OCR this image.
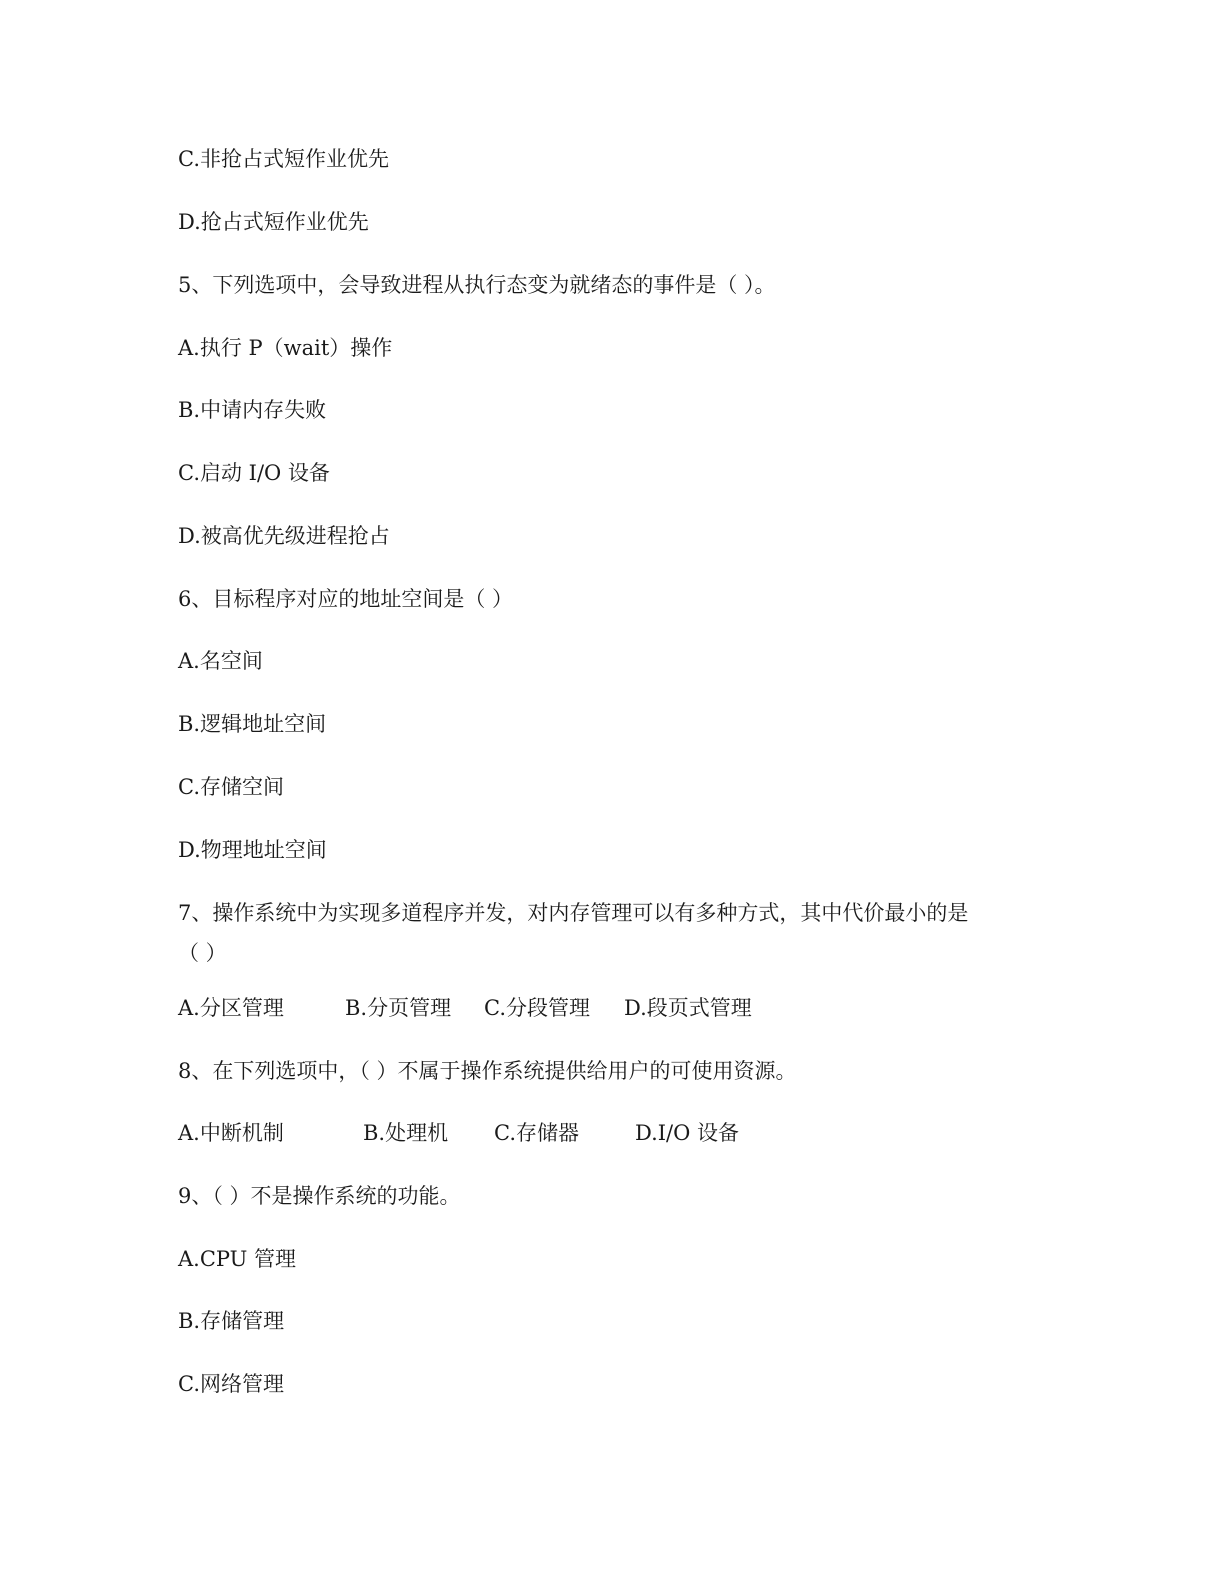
C.非抢占式短作业优先
D.抢占式短作业优先
5、下列选项中，会导致进程从执行态变为就绪态的事件是（ ）。
A.执行 P（wait）操作
B.中请内存失败
C.启动 I/O 设备
D.被高优先级进程抢占
6、目标程序对应的地址空间是（ ）
A.名空间
B.逻辑地址空间
C.存储空间
D.物理地址空间
7、操作系统中为实现多道程序并发，对内存管理可以有多种方式，其中代价最小的是
（ ）
A.分区管理	B.分页管理 C.分段管理 D.段页式管理
8、在下列选项中，（ ）不属于操作系统提供给用户的可使用资源。
A.中断机制	B.处理机 C.存储器	D.I/O 设备
9、（ ）不是操作系统的功能。
A.CPU 管理
B.存储管理
C.网络管理
